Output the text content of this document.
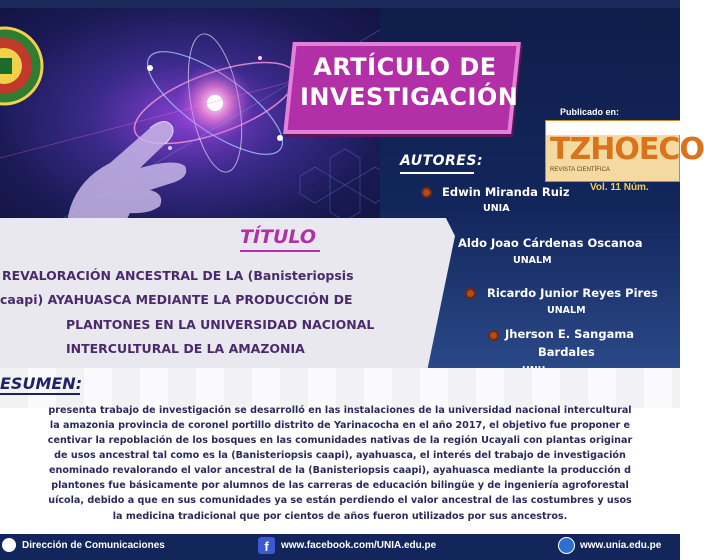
ARTÍCULO DE
INVESTIGACIÓN
Publicado en:
TZHOECO
REVISTA CIENTÍFICA
Vol. 11 Núm.
AUTORES:
Edwin Miranda Ruiz
UNIA
Aldo Joao Cárdenas Oscanoa
UNALM
Ricardo Junior Reyes Pires
UNALM
Jherson E. Sangama
Bardales
TÍTULO
REVALORACIÓN ANCESTRAL DE LA (Banisteriopsis
caapi) AYAHUASCA MEDIANTE LA PRODUCCIÓN DE
PLANTONES EN LA UNIVERSIDAD NACIONAL
INTERCULTURAL DE LA AMAZONIA
ESUMEN:
presenta trabajo de investigación se desarrolló en las instalaciones de la universidad nacional intercultural
la amazonia provincia de coronel portillo distrito de Yarinacocha en el año 2017, el objetivo fue proponer e
centivar la repoblación de los bosques en las comunidades nativas de la región Ucayali con plantas originar
de usos ancestral tal como es la (Banisteriopsis caapi), ayahuasca, el interés del trabajo de investigación
enominado revalorando el valor ancestral de la (Banisteriopsis caapi), ayahuasca mediante la producción d
plantones fue básicamente por alumnos de las carreras de educación bilingüe y de ingeniería agroforestal
uícola, debido a que en sus comunidades ya se están perdiendo el valor ancestral de las costumbres y usos
la medicina tradicional que por cientos de años fueron utilizados por sus ancestros.
Dirección de Comunicaciones	f	www.facebook.com/UNIA.edu.pe	www.unia.edu.pe
